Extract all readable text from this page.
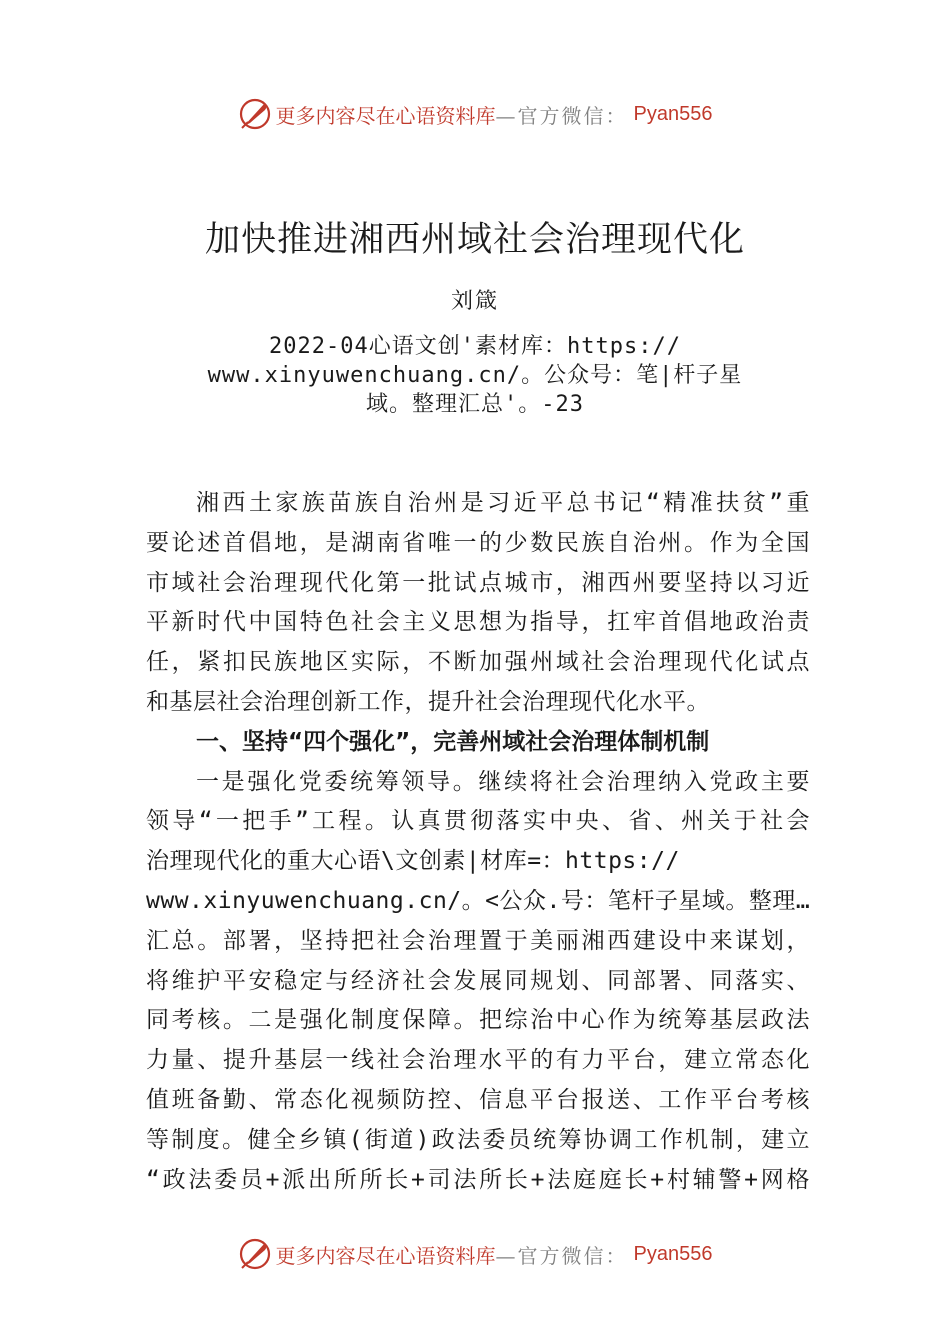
更多内容尽在心语资料库 —官方微信： Pyan556
加快推进湘西州域社会治理现代化
刘箴
2022-04心语文创'素材库：https://
www.xinyuwenchuang.cn/。公众号：笔|杆子星
域。整理汇总'。-23
湘西土家族苗族自治州是习近平总书记“精准扶贫”重
要论述首倡地，是湖南省唯一的少数民族自治州。作为全国
市域社会治理现代化第一批试点城市，湘西州要坚持以习近
平新时代中国特色社会主义思想为指导，扛牢首倡地政治责
任，紧扣民族地区实际，不断加强州域社会治理现代化试点
和基层社会治理创新工作，提升社会治理现代化水平。
一、坚持“四个强化”，完善州域社会治理体制机制
一是强化党委统筹领导。继续将社会治理纳入党政主要
领导“一把手”工程。认真贯彻落实中央、省、州关于社会
治理现代化的重大心语\文创素|材库=：https://
www.xinyuwenchuang.cn/。<公众.号：笔杆子星域。整理…
汇总。部署，坚持把社会治理置于美丽湘西建设中来谋划，
将维护平安稳定与经济社会发展同规划、同部署、同落实、
同考核。二是强化制度保障。把综治中心作为统筹基层政法
力量、提升基层一线社会治理水平的有力平台，建立常态化
值班备勤、常态化视频防控、信息平台报送、工作平台考核
等制度。健全乡镇(街道)政法委员统筹协调工作机制，建立
“政法委员+派出所所长+司法所长+法庭庭长+村辅警+网格
更多内容尽在心语资料库 —官方微信： Pyan556
